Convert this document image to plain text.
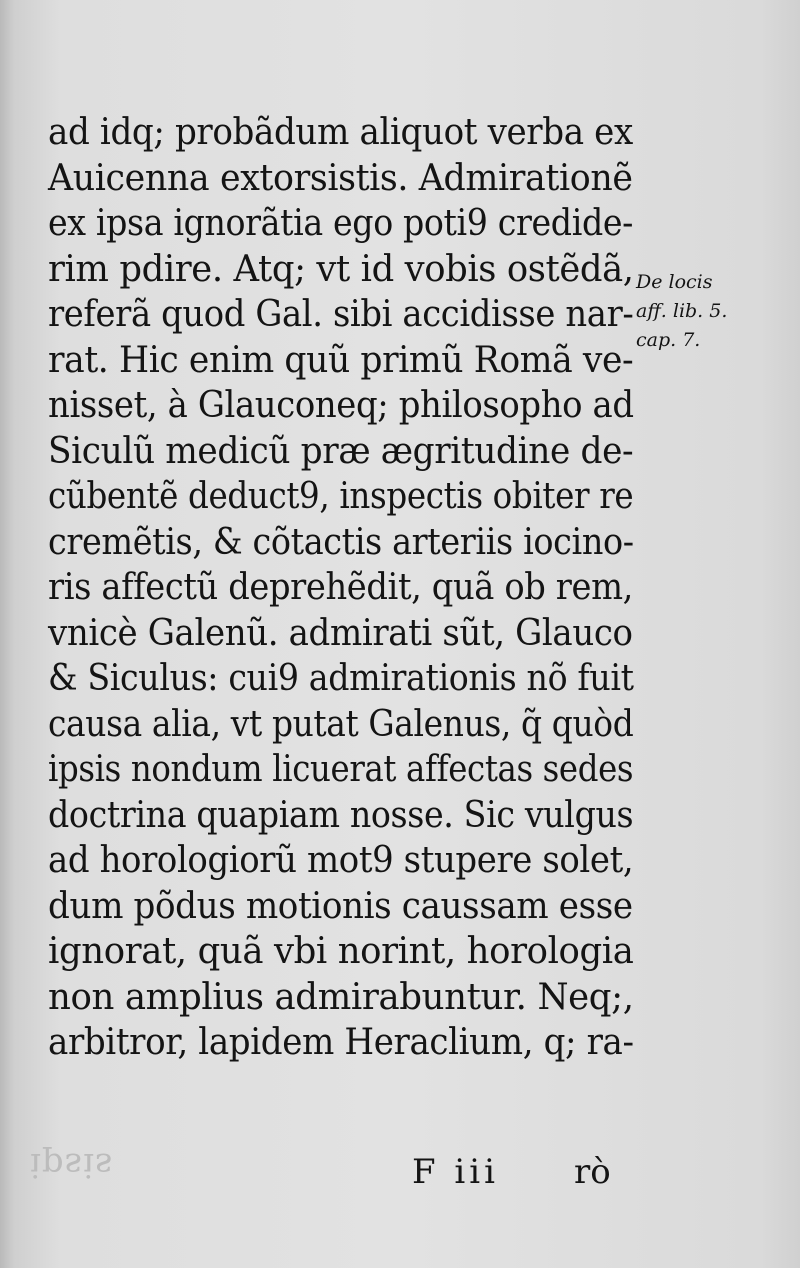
ipsis
ad idq; probãdum aliquot verba ex
Auicenna extorsistis. Admirationẽ
ex ipsa ignorãtia ego poti9 credide-
rim pdire. Atq; vt id vobis ostẽdã,
referã quod Gal. sibi accidisse nar-
rat. Hic enim quũ primũ Romã ve-
nisset, à Glauconeq; philosopho ad
Siculũ medicũ præ ægritudine de-
cũbentẽ deduct9, inspectis obiter re
cremẽtis, & cõtactis arteriis iocino-
ris affectũ deprehẽdit, quã ob rem,
vnicè Galenũ. admirati sũt, Glauco
& Siculus: cui9 admirationis nõ fuit
causa alia, vt putat Galenus, q̃ quòd
ipsis nondum licuerat affectas sedes
doctrina quapiam nosse. Sic vulgus
ad horologiorũ mot9 stupere solet,
dum põdus motionis caussam esse
ignorat, quã vbi norint, horologia
non amplius admirabuntur. Neq;,
arbitror, lapidem Heraclium, q; ra-
De locis
aff. lib. 5.
cap. 7.
F iii rò
